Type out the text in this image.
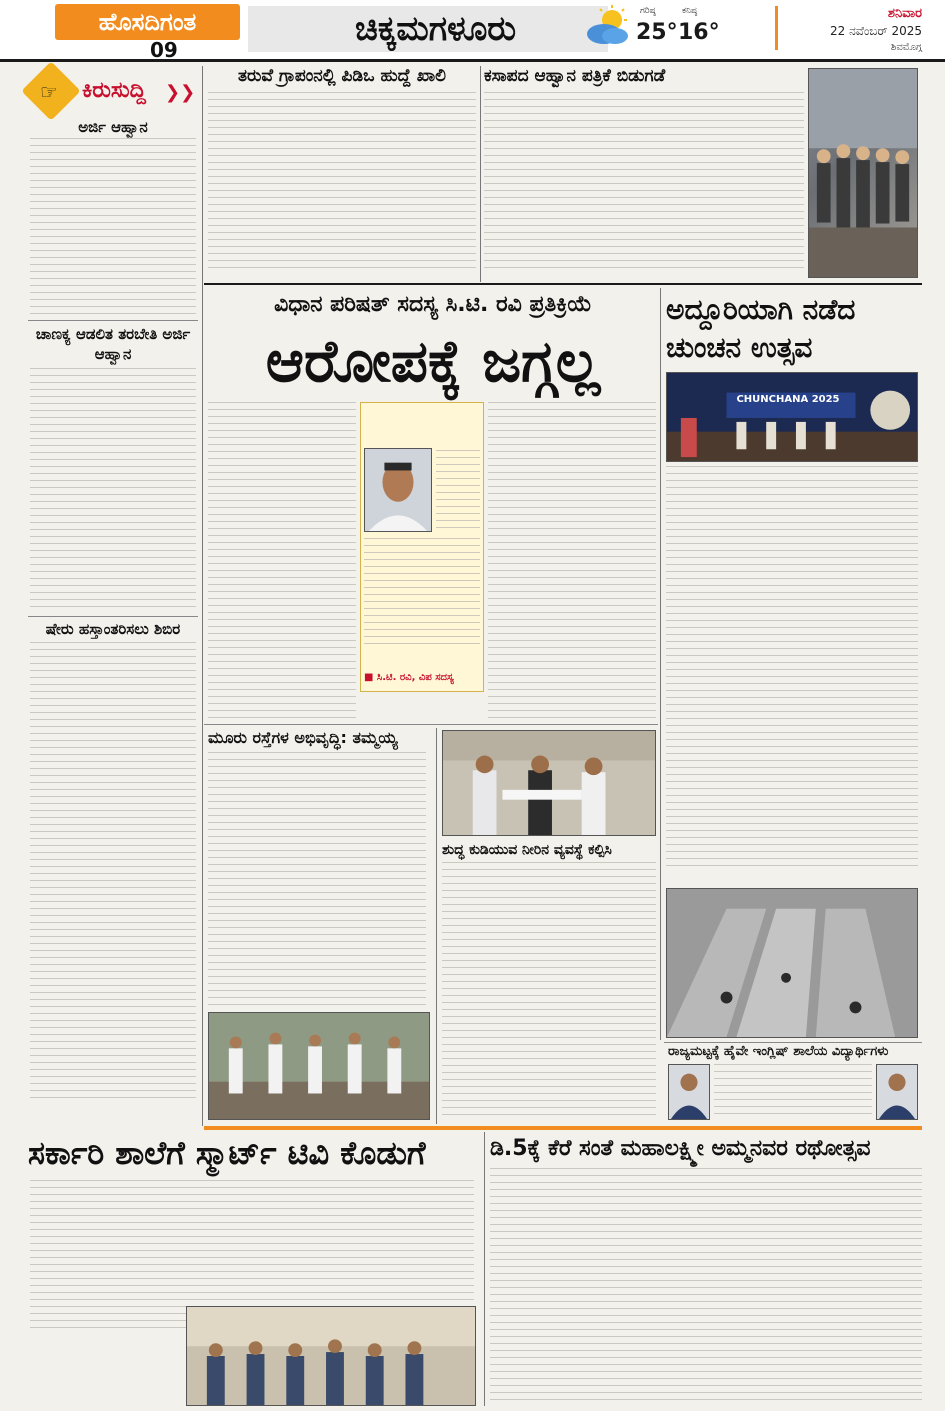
ಹೊಸದಿಗಂತ
09
ಚಿಕ್ಕಮಗಳೂರು	ಗರಿಷ್ಠ
25°
ಕನಿಷ್ಠ
16°
ಶನಿವಾರ
22 ನವೆಂಬರ್ 2025
ಶಿವಮೊಗ್ಗ
☞ ಕಿರುಸುದ್ದಿ ❯❯
ಅರ್ಜಿ ಆಹ್ವಾನ
ಚಾಣಕ್ಯ ಆಡಲಿತ ತರಬೇತಿ ಅರ್ಜಿ ಆಹ್ವಾನ
ಷೇರು ಹಸ್ತಾಂತರಿಸಲು ಶಿಬಿರ
ತರುವೆ ಗ್ರಾಪಂನಲ್ಲಿ ಪಿಡಿಒ ಹುದ್ದೆ ಖಾಲಿ	ಕಸಾಪದ ಆಹ್ವಾನ ಪತ್ರಿಕೆ ಬಿಡುಗಡೆ
ವಿಧಾನ ಪರಿಷತ್ ಸದಸ್ಯ ಸಿ.ಟಿ. ರವಿ ಪ್ರತಿಕ್ರಿಯೆ
ಆರೋಪಕ್ಕೆ ಜಗ್ಗಲ್ಲ
■ ಸಿ.ಟಿ. ರವಿ, ವಿಪ ಸದಸ್ಯ
ಅದ್ದೂರಿಯಾಗಿ ನಡೆದ
ಚುಂಚನ ಉತ್ಸವ
CHUNCHANA 2025
ರಾಜ್ಯಮಟ್ಟಕ್ಕೆ ಹೈವೇ ಇಂಗ್ಲಿಷ್ ಶಾಲೆಯ ವಿದ್ಯಾರ್ಥಿಗಳು
ಮೂರು ರಸ್ತೆಗಳ ಅಭಿವೃದ್ಧಿ: ತಮ್ಮಯ್ಯ
ಶುದ್ಧ ಕುಡಿಯುವ ನೀರಿನ ವ್ಯವಸ್ಥೆ ಕಲ್ಪಿಸಿ
ಸರ್ಕಾರಿ ಶಾಲೆಗೆ ಸ್ಮಾರ್ಟ್ ಟಿವಿ ಕೊಡುಗೆ	ಡಿ.5ಕ್ಕೆ ಕೆರೆ ಸಂತೆ ಮಹಾಲಕ್ಷ್ಮೀ ಅಮ್ಮನವರ ರಥೋತ್ಸವ
